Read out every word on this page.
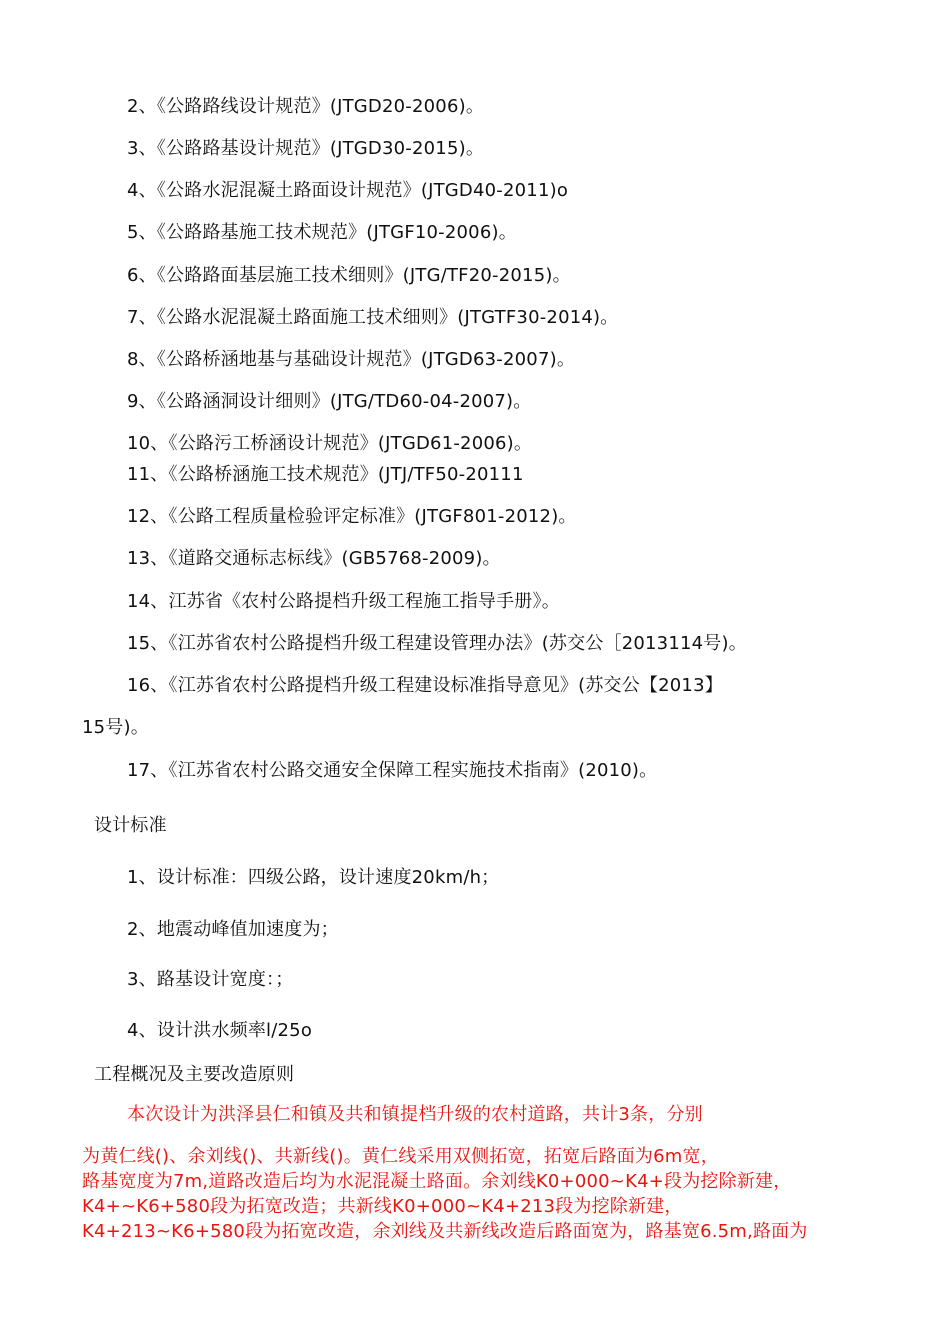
2、《公路路线设计规范》(JTGD20-2006)。
3、《公路路基设计规范》(JTGD30-2015)。
4、《公路水泥混凝土路面设计规范》(JTGD40-2011)o
5、《公路路基施工技术规范》(JTGF10-2006)。
6、《公路路面基层施工技术细则》(JTG/TF20-2015)。
7、《公路水泥混凝土路面施工技术细则》(JTGTF30-2014)。
8、《公路桥涵地基与基础设计规范》(JTGD63-2007)。
9、《公路涵洞设计细则》(JTG/TD60-04-2007)。
10、《公路污工桥涵设计规范》(JTGD61-2006)。
11、《公路桥涵施工技术规范》(JTJ/TF50-20111
12、《公路工程质量检验评定标准》(JTGF801-2012)。
13、《道路交通标志标线》(GB5768-2009)。
14、江苏省《农村公路提档升级工程施工指导手册》。
15、《江苏省农村公路提档升级工程建设管理办法》(苏交公［2013114号)。
16、《江苏省农村公路提档升级工程建设标准指导意见》(苏交公【2013】
15号)。
17、《江苏省农村公路交通安全保障工程实施技术指南》(2010)。
设计标准
1、设计标准：四级公路，设计速度20km/h；
2、地震动峰值加速度为；
3、路基设计宽度：；
4、设计洪水频率l/25o
工程概况及主要改造原则
本次设计为洪泽县仁和镇及共和镇提档升级的农村道路，共计3条，分别
为黄仁线()、余刘线()、共新线()。黄仁线采用双侧拓宽，拓宽后路面为6m宽，
路基宽度为7m,道路改造后均为水泥混凝土路面。余刘线K0+000~K4+段为挖除新建，
K4+~K6+580段为拓宽改造；共新线K0+000~K4+213段为挖除新建，
K4+213~K6+580段为拓宽改造，余刘线及共新线改造后路面宽为，路基宽6.5m,路面为
